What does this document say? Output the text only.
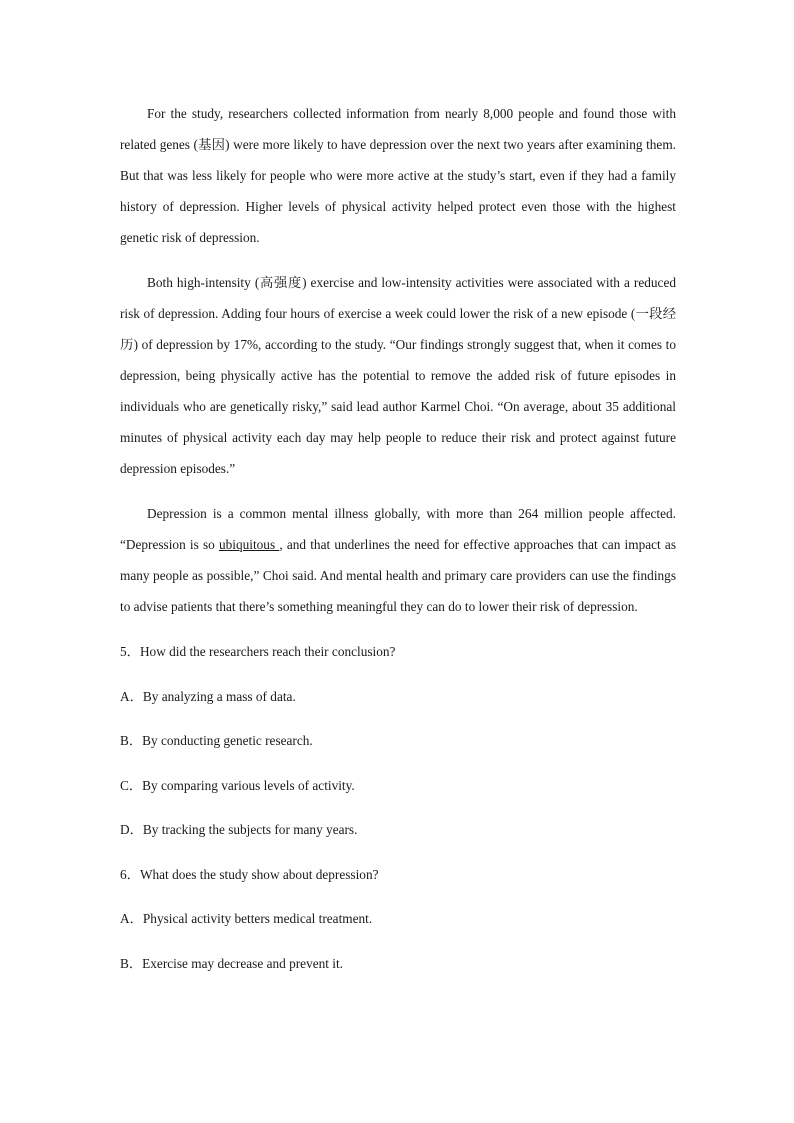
For the study, researchers collected information from nearly 8,000 people and found those with related genes (基因) were more likely to have depression over the next two years after examining them. But that was less likely for people who were more active at the study’s start, even if they had a family history of depression. Higher levels of physical activity helped protect even those with the highest genetic risk of depression.

Both high-intensity (高强度) exercise and low-intensity activities were associated with a reduced risk of depression. Adding four hours of exercise a week could lower the risk of a new episode (一段经历) of depression by 17%, according to the study. “Our findings strongly suggest that, when it comes to depression, being physically active has the potential to remove the added risk of future episodes in individuals who are genetically risky,” said lead author Karmel Choi. “On average, about 35 additional minutes of physical activity each day may help people to reduce their risk and protect against future depression episodes.”

Depression is a common mental illness globally, with more than 264 million people affected. “Depression is so ubiquitous , and that underlines the need for effective approaches that can impact as many people as possible,” Choi said. And mental health and primary care providers can use the findings to advise patients that there’s something meaningful they can do to lower their risk of depression.

5．How did the researchers reach their conclusion?

A．By analyzing a mass of data.

B．By conducting genetic research.

C．By comparing various levels of activity.

D．By tracking the subjects for many years.

6．What does the study show about depression?

A．Physical activity betters medical treatment.

B．Exercise may decrease and prevent it.
